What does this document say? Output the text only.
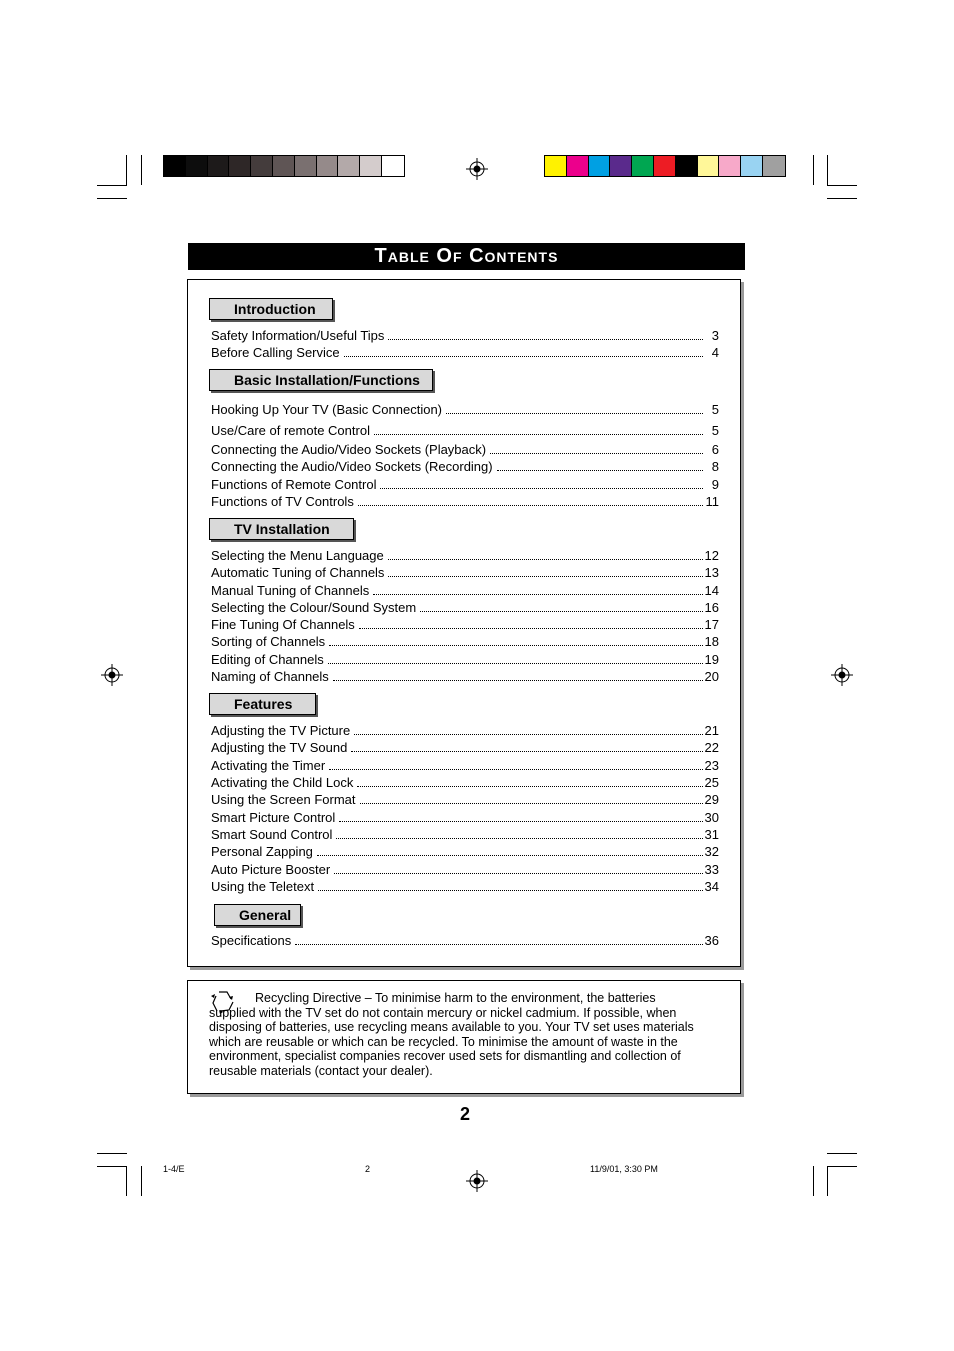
Table Of Contents
Introduction
Safety Information/Useful Tips	3
Before Calling Service	4
Basic Installation/Functions
Hooking Up Your TV (Basic Connection)	5
Use/Care of remote Control	5
Connecting the Audio/Video Sockets (Playback)	6
Connecting the Audio/Video Sockets (Recording)	8
Functions of Remote Control	9
Functions of TV Controls	11
TV Installation
Selecting the Menu Language	12
Automatic Tuning of Channels	13
Manual Tuning of Channels	14
Selecting the Colour/Sound System	16
Fine Tuning Of Channels	17
Sorting of Channels	18
Editing of Channels	19
Naming of Channels	20
Features
Adjusting the TV Picture	21
Adjusting the TV Sound	22
Activating the Timer	23
Activating the Child Lock	25
Using the Screen Format	29
Smart Picture Control	30
Smart Sound Control	31
Personal Zapping	32
Auto Picture Booster	33
Using the Teletext	34
General
Specifications	36
Recycling Directive – To minimise harm to the environment, the batteries supplied with the TV set do not contain mercury or nickel cadmium. If possible, when disposing of batteries, use recycling means available to you. Your TV set uses materials which are reusable or which can be recycled. To minimise the amount of waste in the environment, specialist companies recover used sets for dismantling and collection of reusable materials (contact your dealer).
2
1-4/E	2	11/9/01, 3:30 PM
